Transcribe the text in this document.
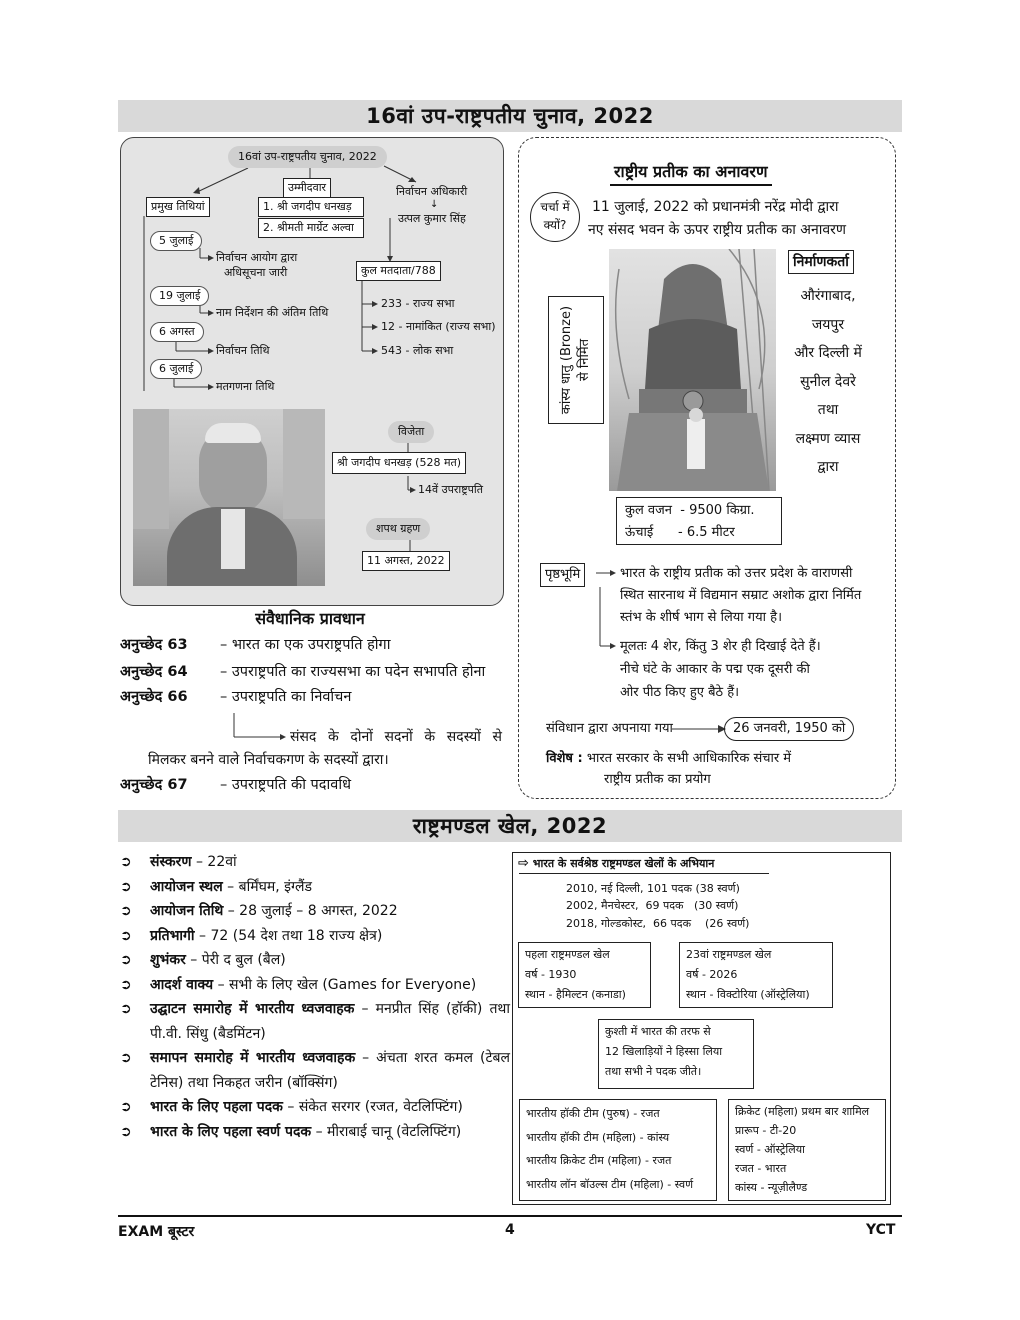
16वां उप-राष्ट्रपतीय चुनाव, 2022
16वां उप-राष्ट्रपतीय चुनाव, 2022
प्रमुख तिथियां
5 जुलाई
निर्वाचन आयोग द्वारा
अधिसूचना जारी
19 जुलाई
नाम निर्देशन की अंतिम तिथि
6 अगस्त
निर्वाचन तिथि
6 जुलाई
मतगणना तिथि
उम्मीदवार
1. श्री जगदीप धनखड़
2. श्रीमती मार्ग्रेट अल्वा
निर्वाचन अधिकारी
↓
उत्पल कुमार सिंह
कुल मतदाता/788
233 - राज्य सभा
12 - नामांकित (राज्य सभा)
543 - लोक सभा
विजेता
श्री जगदीप धनखड़ (528 मत)
14वें उपराष्ट्रपति
शपथ ग्रहण
11 अगस्त, 2022
संवैधानिक प्रावधान
अनुच्छेद 63 – भारत का एक उपराष्ट्रपति होगा
अनुच्छेद 64 – उपराष्ट्रपति का राज्यसभा का पदेन सभापति होना
अनुच्छेद 66 – उपराष्ट्रपति का निर्वाचन
संसद के दोनों सदनों के सदस्यों से
मिलकर बनने वाले निर्वाचकगण के सदस्यों द्वारा।
अनुच्छेद 67 – उपराष्ट्रपति की पदावधि
राष्ट्रीय प्रतीक का अनावरण
चर्चा में
क्यों?
11 जुलाई, 2022 को प्रधानमंत्री नरेंद्र मोदी द्वारा
नए संसद भवन के ऊपर राष्ट्रीय प्रतीक का अनावरण
कांस्य धातु (Bronze) से निर्मित
निर्माणकर्ता
औरंगाबाद,
जयपुर
और दिल्ली में
सुनील देवरे
तथा
लक्ष्मण व्यास
द्वारा
कुल वजन  - 9500 किग्रा.
ऊंचाई      - 6.5 मीटर
पृष्ठभूमि	भारत के राष्ट्रीय प्रतीक को उत्तर प्रदेश के वाराणसी
स्थित सारनाथ में विद्यमान सम्राट अशोक द्वारा निर्मित
स्तंभ के शीर्ष भाग से लिया गया है।
मूलतः 4 शेर, किंतु 3 शेर ही दिखाई देते हैं।
नीचे घंटे के आकार के पद्म एक दूसरी की
ओर पीठ किए हुए बैठे हैं।
संविधान द्वारा अपनाया गया	26 जनवरी, 1950 को
विशेष : भारत सरकार के सभी आधिकारिक संचार में
राष्ट्रीय प्रतीक का प्रयोग
राष्ट्रमण्डल खेल, 2022
➲ संस्करण – 22वां
➲ आयोजन स्थल – बर्मिंघम, इंग्लैंड
➲ आयोजन तिथि – 28 जुलाई – 8 अगस्त, 2022
➲ प्रतिभागी – 72 (54 देश तथा 18 राज्य क्षेत्र)
➲ शुभंकर – पेरी द बुल (बैल)
➲ आदर्श वाक्य – सभी के लिए खेल (Games for Everyone)
➲ उद्घाटन समारोह में भारतीय ध्वजवाहक – मनप्रीत सिंह (हॉकी) तथा पी.वी. सिंधु (बैडमिंटन)
➲ समापन समारोह में भारतीय ध्वजवाहक – अंचता शरत कमल (टेबल टेनिस) तथा निकहत जरीन (बॉक्सिंग)
➲ भारत के लिए पहला पदक – संकेत सरगर (रजत, वेटलिफ्टिंग)
➲ भारत के लिए पहला स्वर्ण पदक – मीराबाई चानू (वेटलिफ्टिंग)
⇨ भारत के सर्वश्रेष्ठ राष्ट्रमण्डल खेलों के अभियान
2010, नई दिल्ली, 101 पदक (38 स्वर्ण)
2002, मैनचेस्टर,  69 पदक   (30 स्वर्ण)
2018, गोल्डकोस्ट,  66 पदक    (26 स्वर्ण)
पहला राष्ट्रमण्डल खेल
वर्ष - 1930
स्थान - हैमिल्टन (कनाडा)
23वां राष्ट्रमण्डल खेल
वर्ष - 2026
स्थान - विक्टोरिया (ऑस्ट्रेलिया)
कुश्ती में भारत की तरफ से
12 खिलाड़ियों ने हिस्सा लिया
तथा सभी ने पदक जीते।
भारतीय हॉकी टीम (पुरुष) - रजत
भारतीय हॉकी टीम (महिला) - कांस्य
भारतीय क्रिकेट टीम (महिला) - रजत
भारतीय लॉन बॉउल्स टीम (महिला) - स्वर्ण
क्रिकेट (महिला) प्रथम बार शामिल
प्रारूप - टी-20
स्वर्ण - ऑस्ट्रेलिया
रजत - भारत
कांस्य - न्यूज़ीलैण्ड
EXAM बूस्टर	4	YCT
